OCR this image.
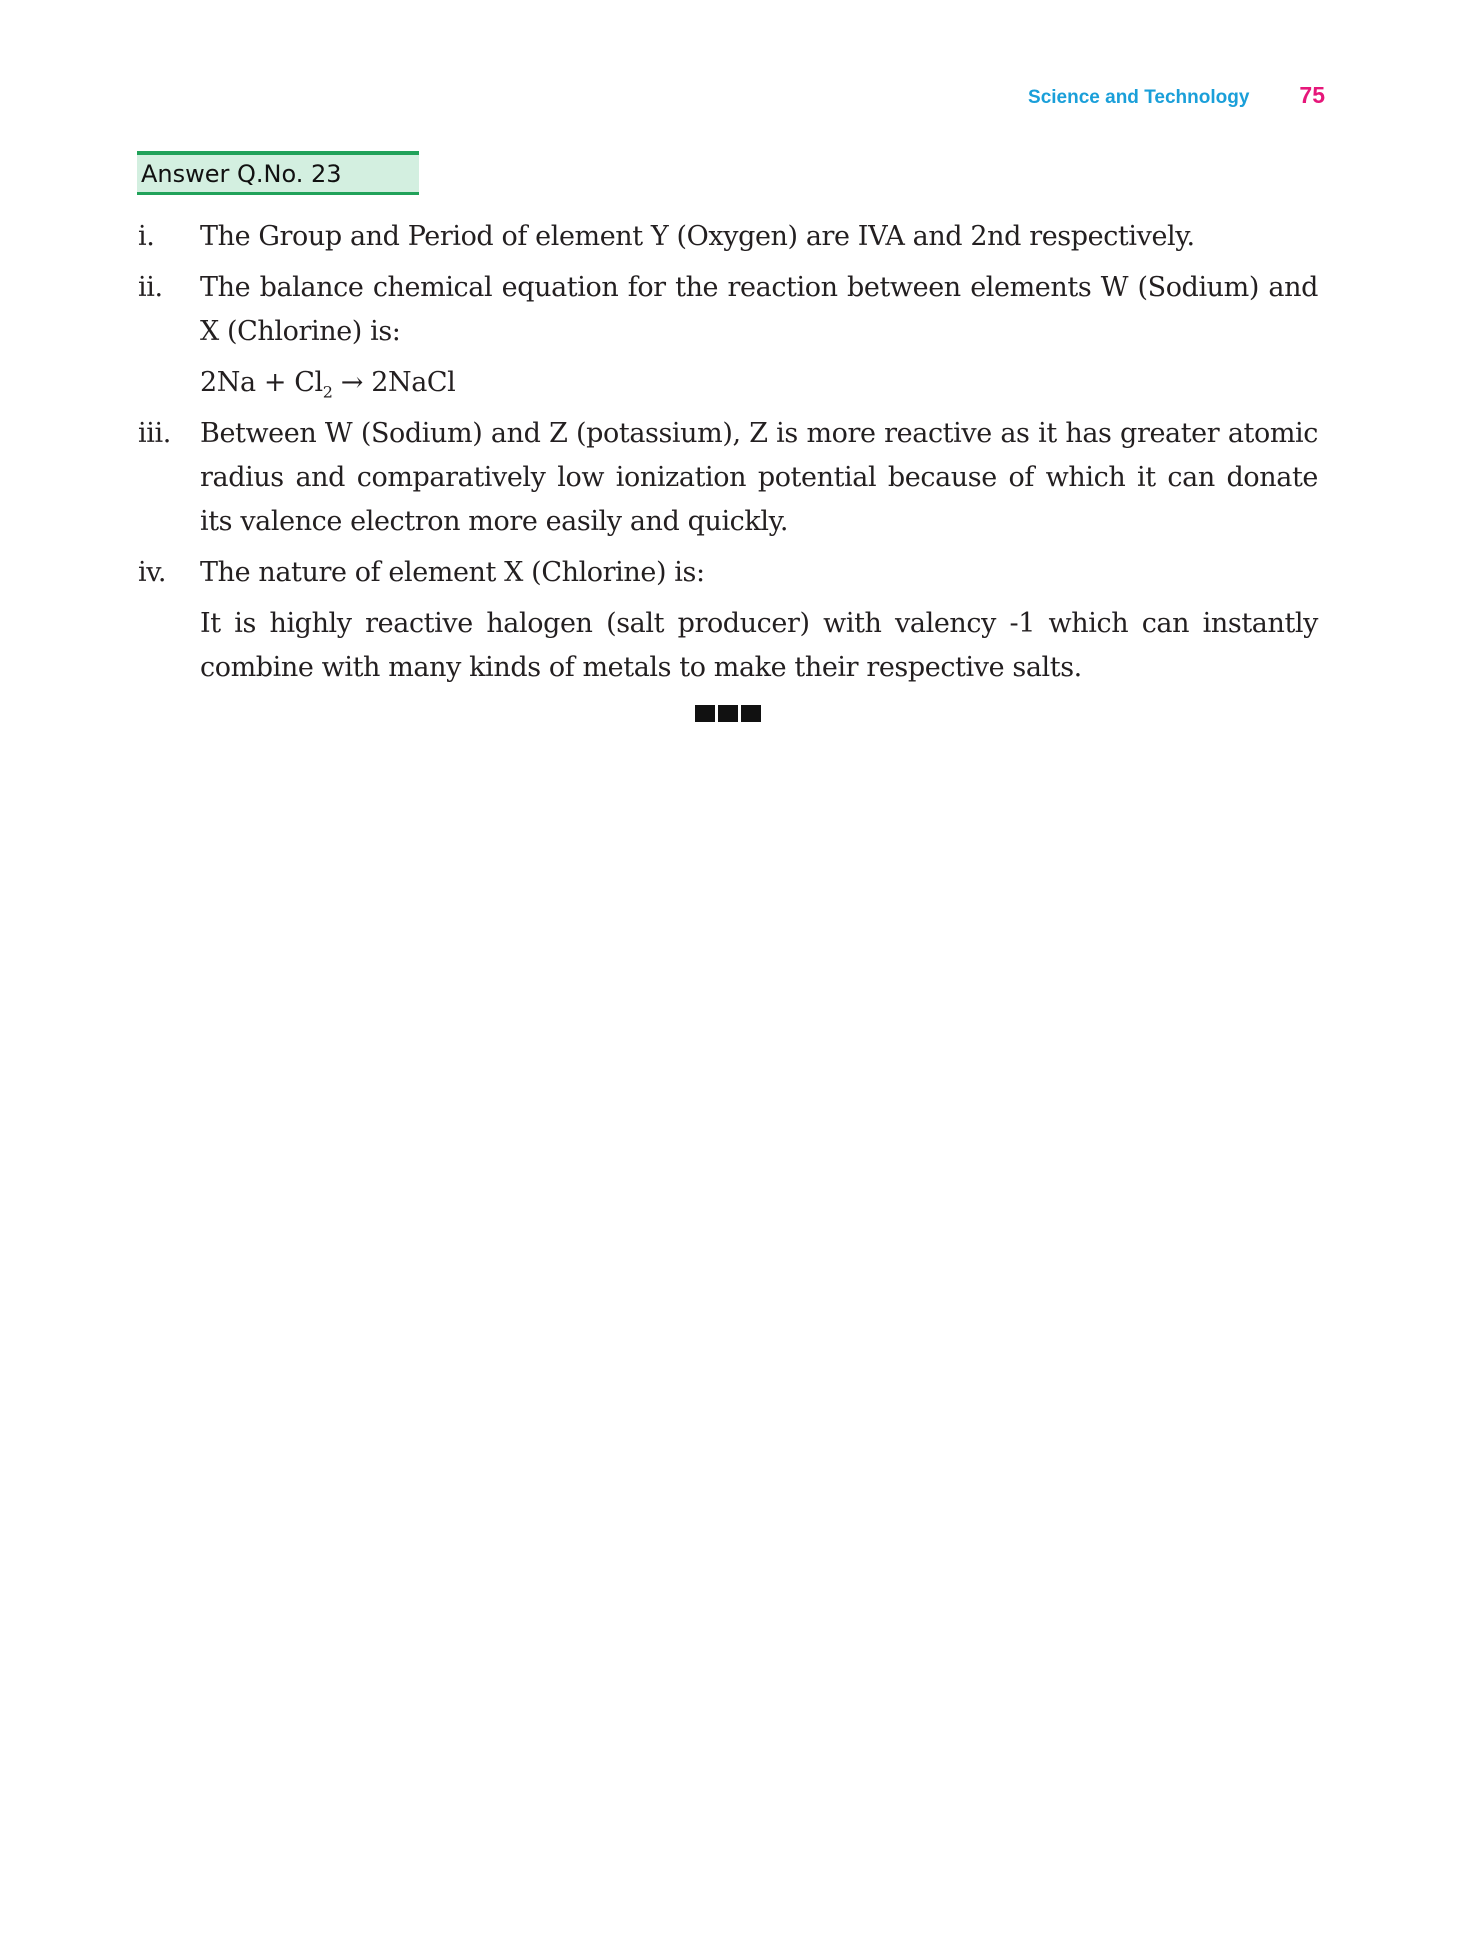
Science and Technology 75
Answer Q.No. 23
i.	The Group and Period of element Y (Oxygen) are IVA and 2nd respectively.

ii.	The balance chemical equation for the reaction between elements W (Sodium) and X (Chlorine) is:

$2Na + Cl_2$ → 2NaCl

iii.	Between W (Sodium) and Z (potassium), Z is more reactive as it has greater atomic radius and comparatively low ionization potential because of which it can donate its valence electron more easily and quickly.

iv.	The nature of element X (Chlorine) is:

It is highly reactive halogen (salt producer) with valency -1 which can instantly combine with many kinds of metals to make their respective salts.
